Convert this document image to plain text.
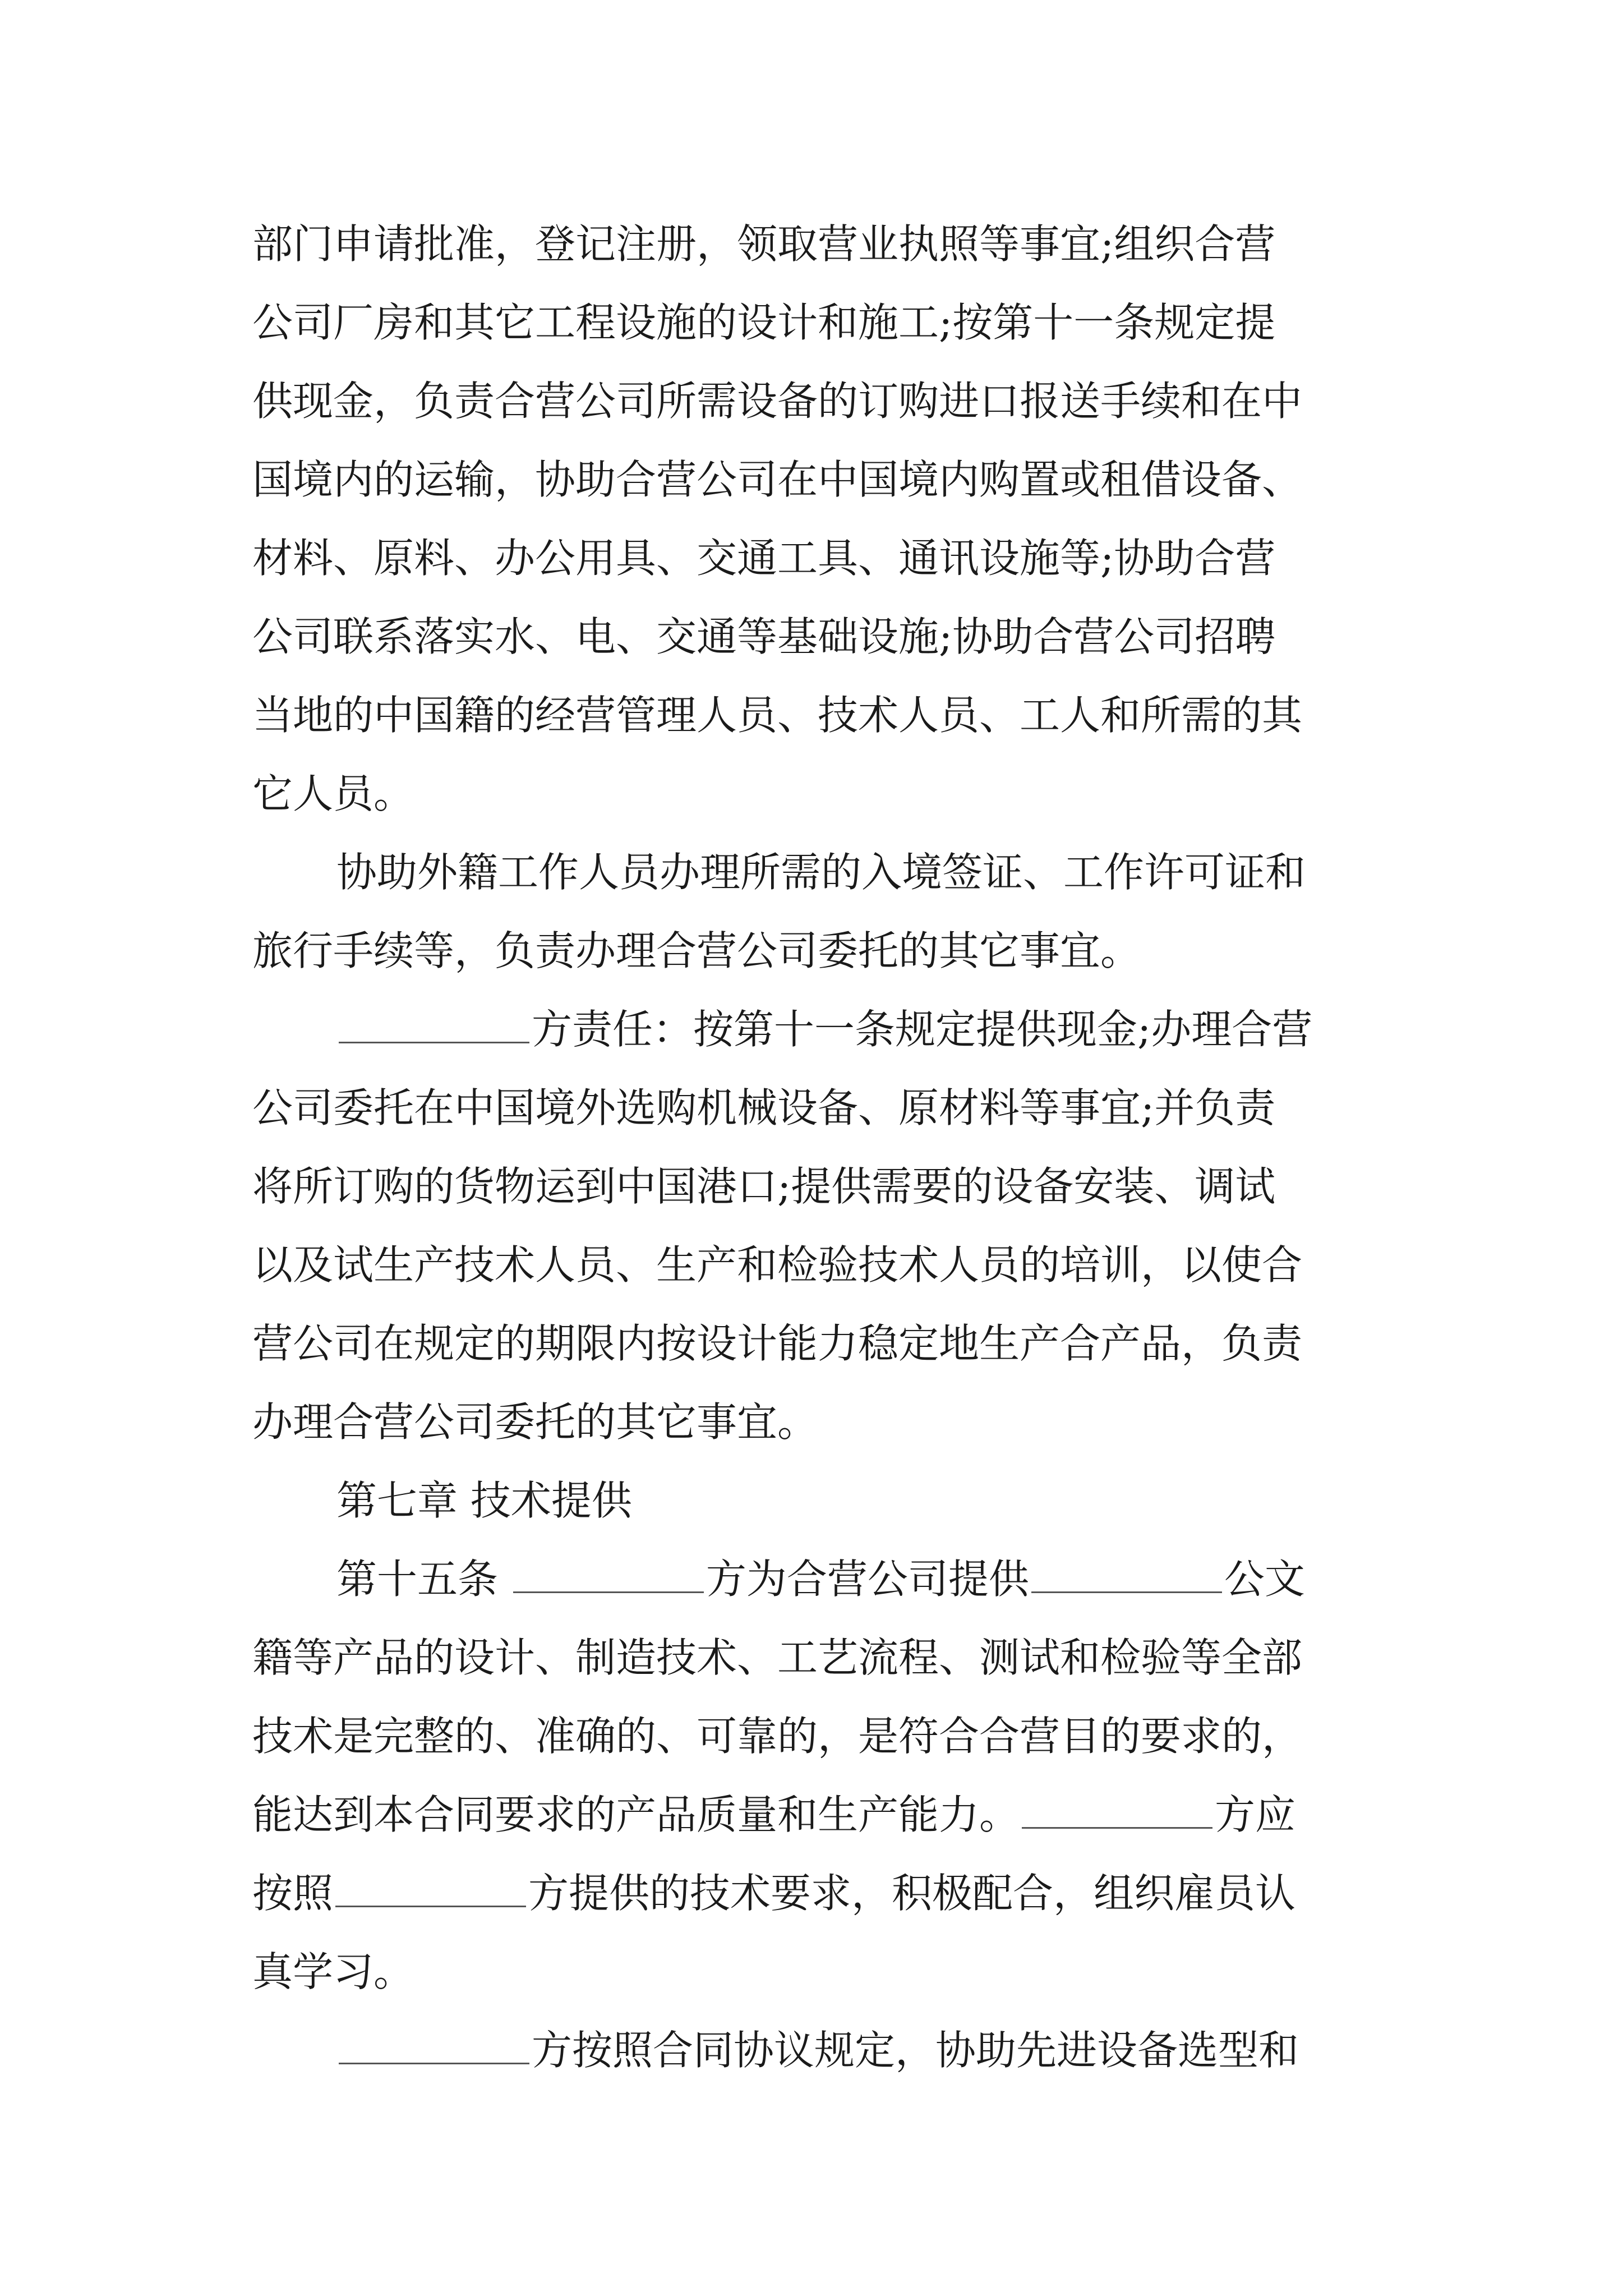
部门申请批准，登记注册，领取营业执照等事宜;组织合营
公司厂房和其它工程设施的设计和施工;按第十一条规定提
供现金，负责合营公司所需设备的订购进口报送手续和在中
国境内的运输，协助合营公司在中国境内购置或租借设备、
材料、原料、办公用具、交通工具、通讯设施等;协助合营
公司联系落实水、电、交通等基础设施;协助合营公司招聘
当地的中国籍的经营管理人员、技术人员、工人和所需的其
它人员。
协助外籍工作人员办理所需的入境签证、工作许可证和
旅行手续等，负责办理合营公司委托的其它事宜。
方责任：按第十一条规定提供现金;办理合营
公司委托在中国境外选购机械设备、原材料等事宜;并负责
将所订购的货物运到中国港口;提供需要的设备安装、调试
以及试生产技术人员、生产和检验技术人员的培训，以使合
营公司在规定的期限内按设计能力稳定地生产合产品，负责
办理合营公司委托的其它事宜。
第七章 技术提供
第十五条	方为合营公司提供	公文
籍等产品的设计、制造技术、工艺流程、测试和检验等全部
技术是完整的、准确的、可靠的，是符合合营目的要求的，
能达到本合同要求的产品质量和生产能力。	方应
按照	方提供的技术要求，积极配合，组织雇员认
真学习。
方按照合同协议规定，协助先进设备选型和
